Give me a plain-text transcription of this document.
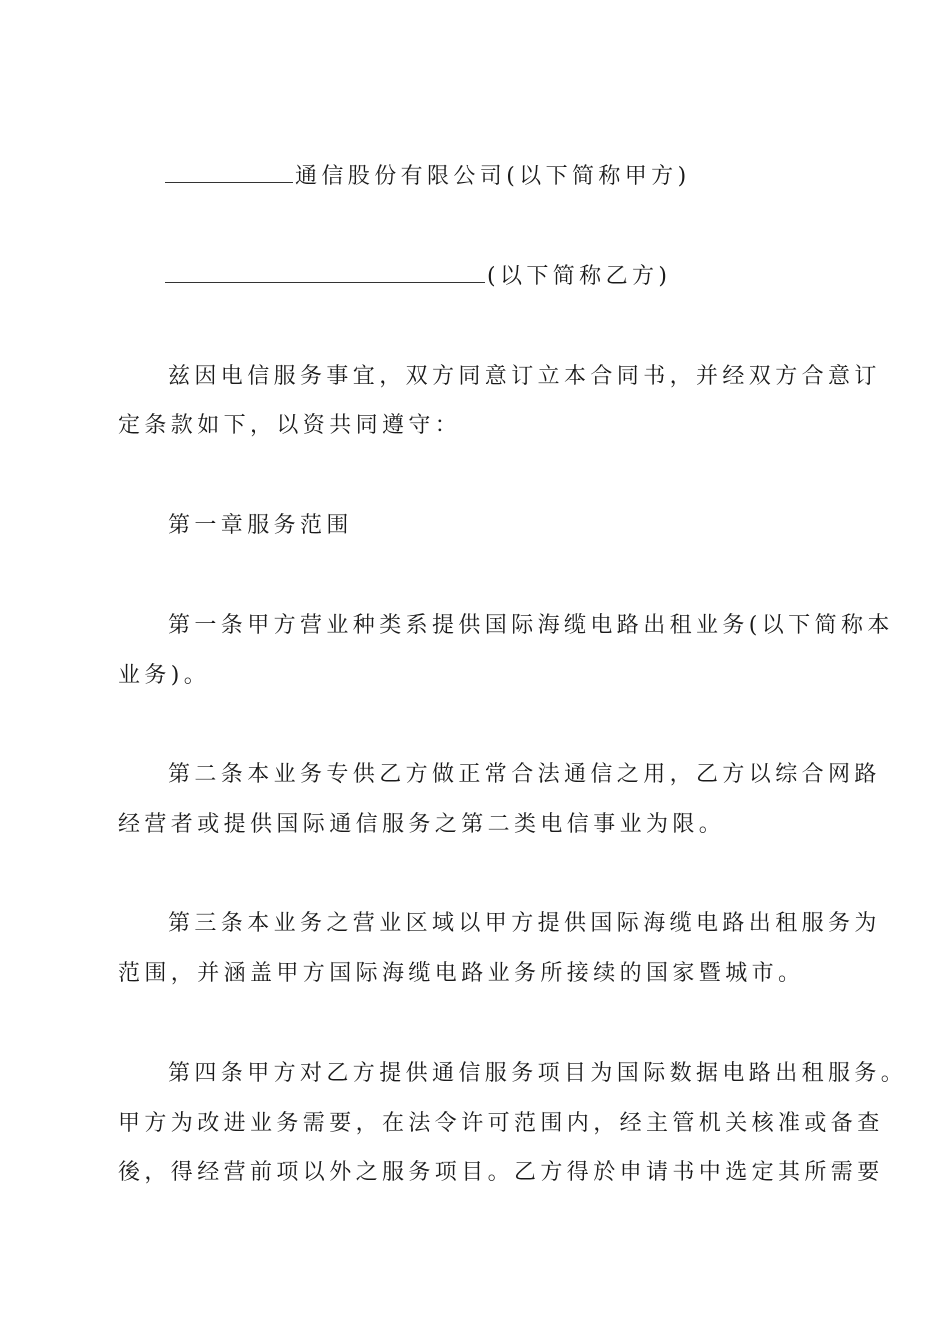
通信股份有限公司(以下简称甲方)
(以下简称乙方)
兹因电信服务事宜，双方同意订立本合同书，并经双方合意订
定条款如下，以资共同遵守：
第一章服务范围
第一条甲方营业种类系提供国际海缆电路出租业务(以下简称本
业务)。
第二条本业务专供乙方做正常合法通信之用，乙方以综合网路
经营者或提供国际通信服务之第二类电信事业为限。
第三条本业务之营业区域以甲方提供国际海缆电路出租服务为
范围，并涵盖甲方国际海缆电路业务所接续的国家暨城市。
第四条甲方对乙方提供通信服务项目为国际数据电路出租服务。
甲方为改进业务需要，在法令许可范围内，经主管机关核准或备查
後，得经营前项以外之服务项目。乙方得於申请书中选定其所需要
